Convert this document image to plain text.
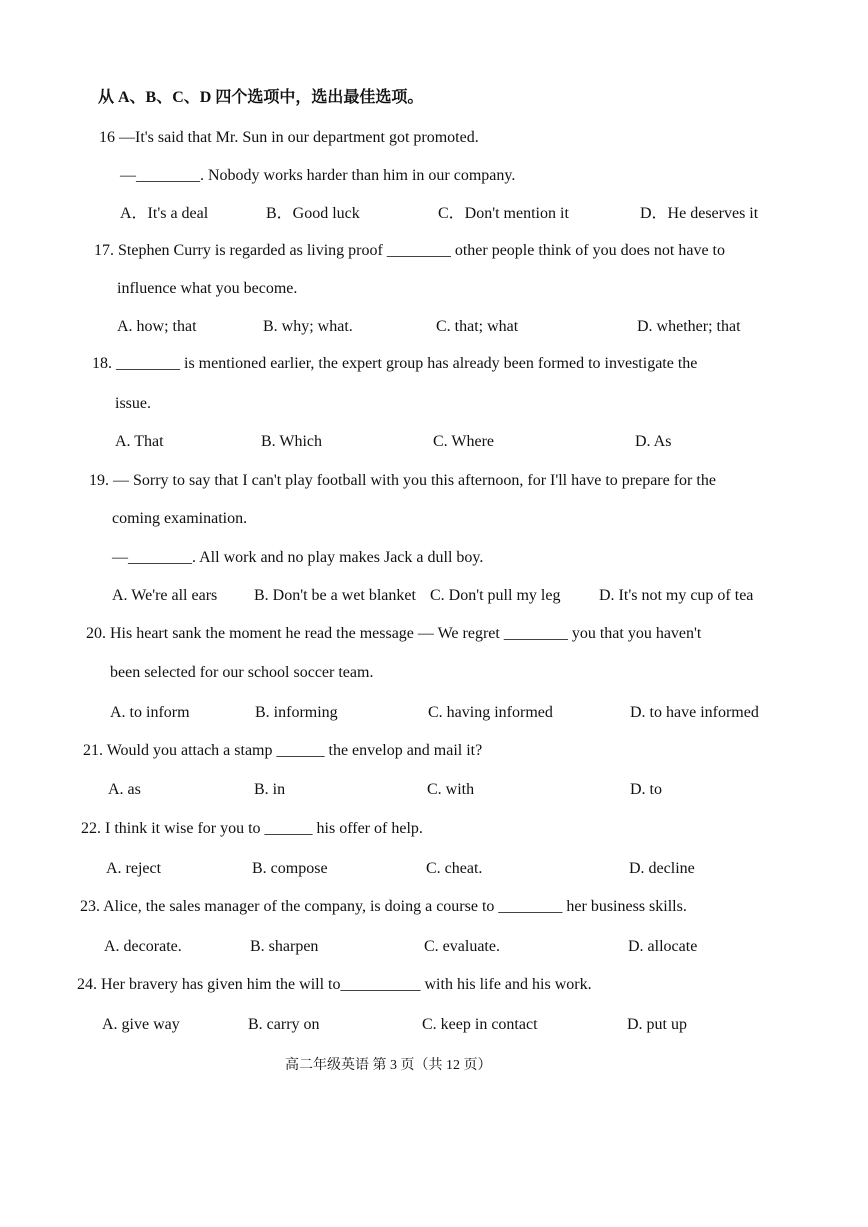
从 A、B、C、D 四个选项中，选出最佳选项。
16 —It's said that Mr. Sun in our department got promoted.
—________. Nobody works harder than him in our company.
A．It's a deal	B．Good luck	C．Don't mention it	D．He deserves it
17. Stephen Curry is regarded as living proof ________ other people think of you does not have to
influence what you become.
A. how; that	B. why; what.	C. that; what	D. whether; that
18. ________ is mentioned earlier, the expert group has already been formed to investigate the
issue.
A. That	B. Which	C. Where	D. As
19. — Sorry to say that I can't play football with you this afternoon, for I'll have to prepare for the
coming examination.
—________. All work and no play makes Jack a dull boy.
A. We're all ears B. Don't be a wet blanket C. Don't pull my leg D. It's not my cup of tea
20. His heart sank the moment he read the message — We regret ________ you that you haven't
been selected for our school soccer team.
A. to inform	B. informing	C. having informed	D. to have informed
21. Would you attach a stamp ______ the envelop and mail it?
A. as	B. in	C. with	D. to
22. I think it wise for you to ______ his offer of help.
A. reject	B. compose	C. cheat.	D. decline
23. Alice, the sales manager of the company, is doing a course to ________ her business skills.
A. decorate.	B. sharpen	C. evaluate.	D. allocate
24. Her bravery has given him the will to__________ with his life and his work.
A. give way	B. carry on	C. keep in contact	D. put up
高二年级英语 第 3 页（共 12 页）
